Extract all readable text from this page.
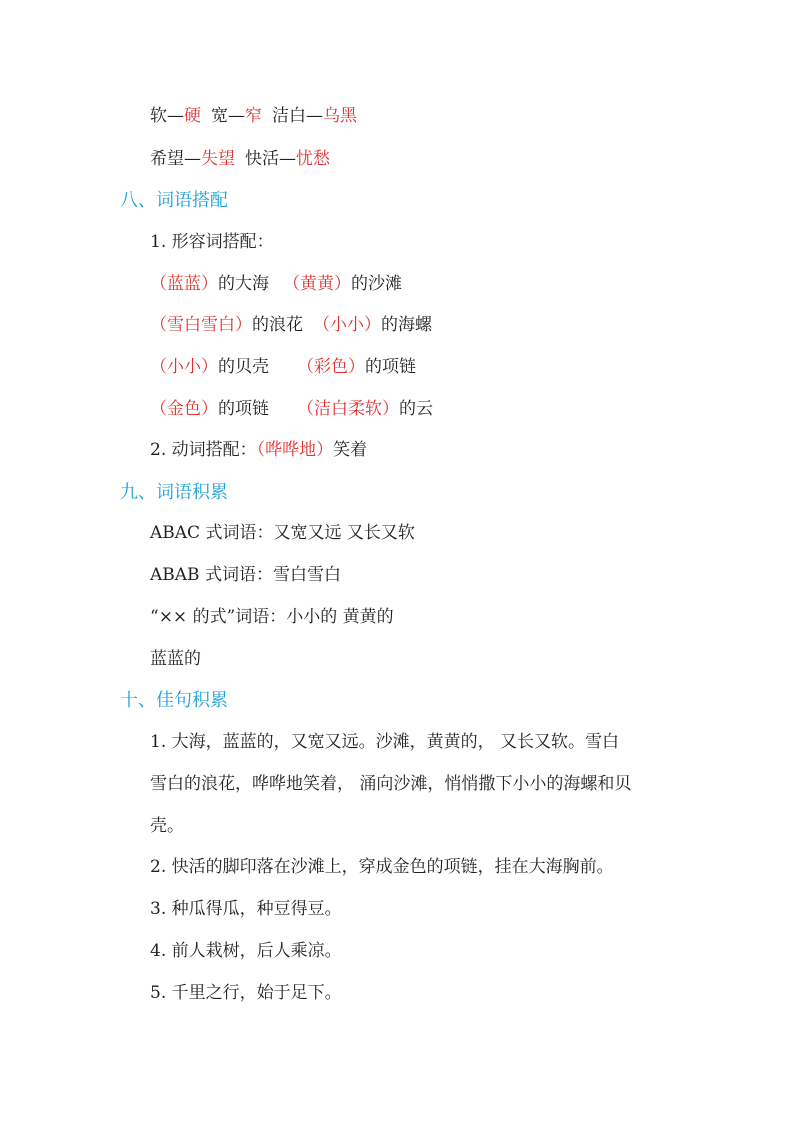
软—硬 宽—窄 洁白—乌黑
希望—失望 快活—忧愁
八、词语搭配
1. 形容词搭配：
（蓝蓝）的大海 （黄黄）的沙滩
（雪白雪白）的浪花 （小小）的海螺
（小小）的贝壳 （彩色）的项链
（金色）的项链 （洁白柔软）的云
2. 动词搭配：（哗哗地）笑着
九、词语积累
ABAC 式词语：又宽又远 又长又软
ABAB 式词语：雪白雪白
“×× 的式”词语：小小的 黄黄的
蓝蓝的
十、佳句积累
1. 大海，蓝蓝的，又宽又远。沙滩，黄黄的， 又长又软。雪白
雪白的浪花，哗哗地笑着， 涌向沙滩，悄悄撒下小小的海螺和贝
壳。
2. 快活的脚印落在沙滩上，穿成金色的项链，挂在大海胸前。
3. 种瓜得瓜，种豆得豆。
4. 前人栽树，后人乘凉。
5. 千里之行，始于足下。
